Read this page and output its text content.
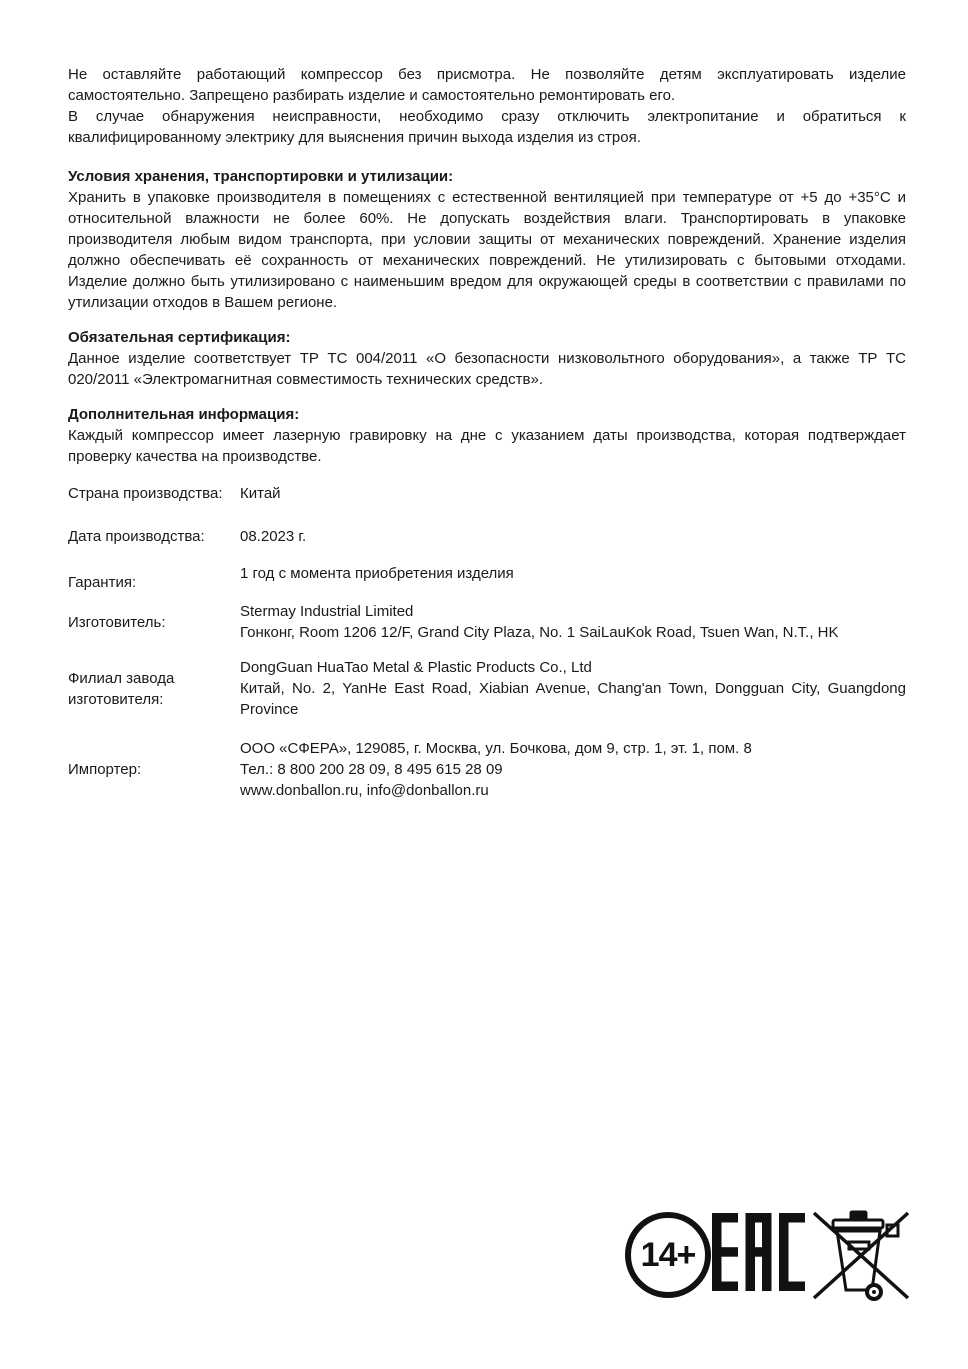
Не оставляйте работающий компрессор без присмотра. Не позволяйте детям эксплуатировать изделие самостоятельно. Запрещено разбирать изделие и самостоятельно ремонтировать его.

В случае обнаружения неисправности, необходимо сразу отключить электропитание и обратиться к квалифицированному электрику для выяснения причин выхода изделия из строя.

Условия хранения, транспортировки и утилизации:

Хранить в упаковке производителя в помещениях с естественной вентиляцией при температуре от +5 до +35°С и относительной влажности не более 60%. Не допускать воздействия влаги. Транспортировать в упаковке производителя любым видом транспорта, при условии защиты от механических повреждений. Хранение изделия должно обеспечивать её сохранность от механических повреждений. Не утилизировать с бытовыми отходами. Изделие должно быть утилизировано с наименьшим вредом для окружающей среды в соответствии с правилами по утилизации отходов в Вашем регионе.

Обязательная сертификация:

Данное изделие соответствует ТР ТС 004/2011 «О безопасности низковольтного оборудования», а также ТР ТС 020/2011 «Электромагнитная совместимость технических средств».

Дополнительная информация:

Каждый компрессор имеет лазерную гравировку на дне с указанием даты производства, которая подтверждает проверку качества на производстве.

Страна производства:	Китай
Дата производства:	08.2023 г.
Гарантия:	1 год с момента приобретения изделия
Изготовитель:
Stermay Industrial Limited
Гонконг, Room 1206 12/F, Grand City Plaza, No. 1 SaiLauKok Road, Tsuen Wan, N.T., HK
Филиал завода изготовителя:
DongGuan HuaTao Metal & Plastic Products Co., Ltd
Китай, No. 2, YanHe East Road, Xiabian Avenue, Chang'an Town, Dongguan City, Guangdong Province
Импортер:
ООО «СФЕРА», 129085, г. Москва, ул. Бочкова, дом 9, стр. 1, эт. 1, пом. 8
Тел.: 8 800 200 28 09, 8 495 615 28 09
www.donballon.ru, info@donballon.ru
14+
